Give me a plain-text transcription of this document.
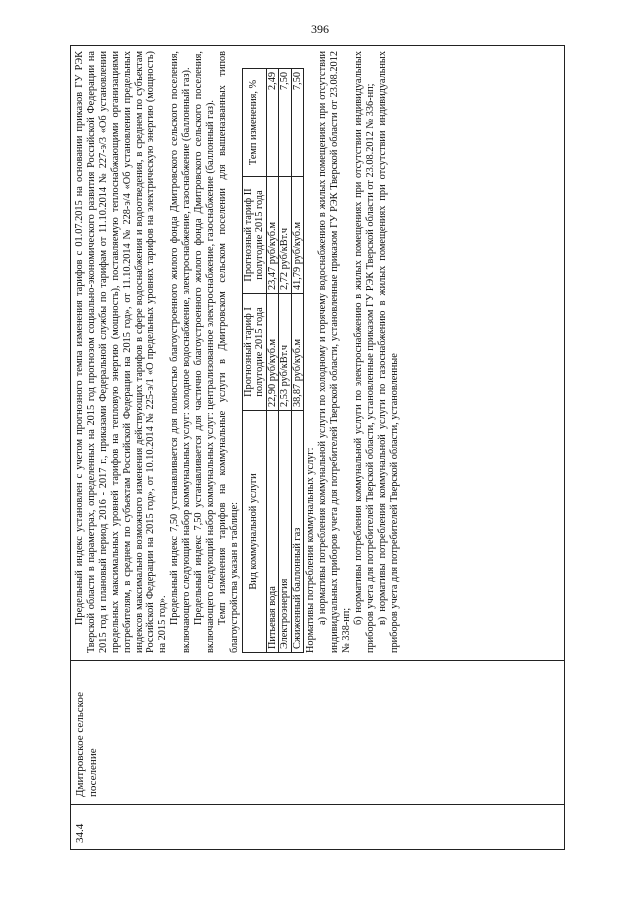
396
34.4
Дмитровское сельское поселение

Предельный индекс установлен с учетом прогнозного темпа изменения тарифов с 01.07.2015 на основании приказов ГУ РЭК Тверской области в параметрах, определенных на 2015 год прогнозом социально-экономического развития Российской Федерации на 2015 год и плановый период 2016 - 2017 г., приказами Федеральной службы по тарифам от 11.10.2014 № 227-э/3 «Об установлении предельных максимальных уровней тарифов на тепловую энергию (мощность), поставляемую теплоснабжающими организациями потребителям, в среднем по субъектам Российской Федерации на 2015 год», от 11.10.2014 № 228-э/4 «Об установлении предельных индексов максимально возможного изменения действующих тарифов в сфере водоснабжения и водоотведения, в среднем по субъектам Российской Федерации на 2015 год», от 10.10.2014 № 225-э/1 «О предельных уровнях тарифов на электрическую энергию (мощность) на 2015 год». Предельный индекс 7,50 устанавливается для полностью благоустроенного жилого фонда Дмитровского сельского поселения, включающего следующий набор коммунальных услуг: холодное водоснабжение, электроснабжение, газоснабжение (баллонный газ). Предельный индекс 7,50 устанавливается для частично благоустроенного жилого фонда Дмитровского сельского поселения, включающего следующий набор коммунальных услуг: централизованное электроснабжение, газоснабжение (баллонный газ). Темп изменения тарифов на коммунальные услуги в Дмитровском сельском поселении для вышеназванных типов благоустройства указан в таблице: Вид коммунальной услуги	Прогнозный тариф I полугодие 2015 года	Прогнозный тариф II полугодие 2015 года	Темп изменения, %
Питьевая вода	22,90 руб/куб.м	23,47 руб/куб.м	2,49
Электроэнергия	2,53 руб/кВт.ч	2,72 руб/кВт.ч	7,50
Сжиженный баллонный газ	38,87 руб/куб.м	41,79 руб/куб.м	7,50

Нормативы потребления коммунальных услуг: а) нормативы потребления коммунальной услуги по холодному и горячему водоснабжению в жилых помещениях при отсутствии индивидуальных приборов учета для потребителей Тверской области, установленные приказом ГУ РЭК Тверской области от 23.08.2012 № 338-нп;

б) нормативы потребления коммунальной услуги по электроснабжению в жилых помещениях при отсутствии индивидуальных приборов учета для потребителей Тверской области, установленные приказом ГУ РЭК Тверской области от 23.08.2012 № 336-нп; в) нормативы потребления коммунальной услуги по газоснабжению в жилых помещениях при отсутствии индивидуальных приборов учета для потребителей Тверской области, установленные
